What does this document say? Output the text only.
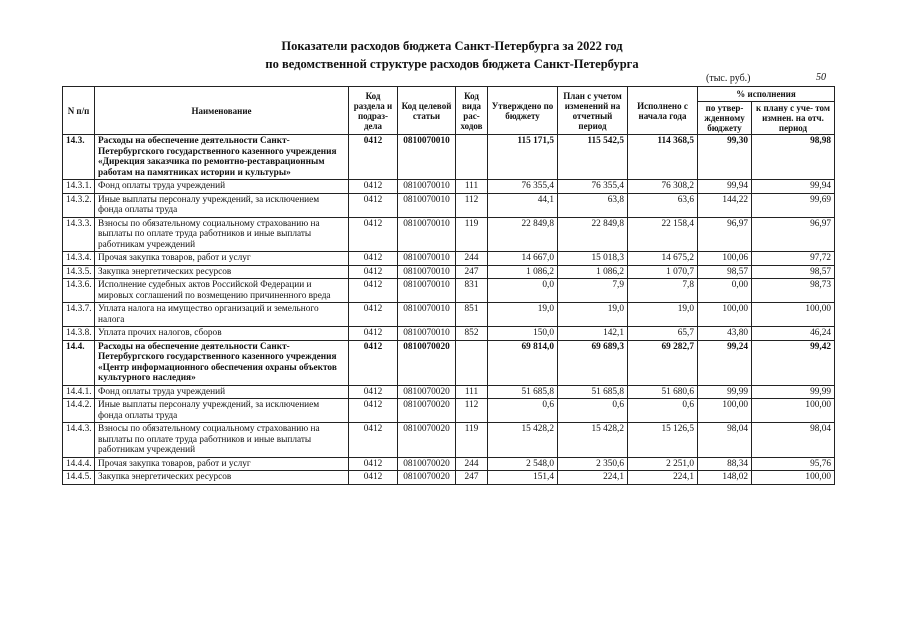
Показатели расходов бюджета Санкт-Петербурга за 2022 год
по ведомственной структуре расходов бюджета Санкт-Петербурга
(тыс. руб.)	50
N п/п	Наименование	Код раздела и подраз- дела	Код целевой статьи	Код вида рас- ходов	Утверждено по бюджету	План с учетом изменений на отчетный период	Исполнено с начала года	% исполнения	
								по утвер- жденному бюджету	к плану с уче- том измнен. на отч. период
14.3.	Расходы на обеспечение деятельности Санкт-Петербургского государственного казенного учреждения «Дирекция заказчика по ремонтно-реставрационным работам на памятниках истории и культуры»	0412	0810070010		115 171,5	115 542,5	114 368,5	99,30	98,98
14.3.1.	Фонд оплаты труда учреждений	0412	0810070010	111	76 355,4	76 355,4	76 308,2	99,94	99,94
14.3.2.	Иные выплаты персоналу учреждений, за исключением фонда оплаты труда	0412	0810070010	112	44,1	63,8	63,6	144,22	99,69
14.3.3.	Взносы по обязательному социальному страхованию на выплаты по оплате труда работников и иные выплаты работникам учреждений	0412	0810070010	119	22 849,8	22 849,8	22 158,4	96,97	96,97
14.3.4.	Прочая закупка товаров, работ и услуг	0412	0810070010	244	14 667,0	15 018,3	14 675,2	100,06	97,72
14.3.5.	Закупка энергетических ресурсов	0412	0810070010	247	1 086,2	1 086,2	1 070,7	98,57	98,57
14.3.6.	Исполнение судебных актов Российской Федерации и мировых соглашений по возмещению причиненного вреда	0412	0810070010	831	0,0	7,9	7,8	0,00	98,73
14.3.7.	Уплата налога на имущество организаций и земельного налога	0412	0810070010	851	19,0	19,0	19,0	100,00	100,00
14.3.8.	Уплата прочих налогов, сборов	0412	0810070010	852	150,0	142,1	65,7	43,80	46,24
14.4.	Расходы на обеспечение деятельности Санкт-Петербургского государственного казенного учреждения «Центр информационного обеспечения охраны объектов культурного наследия»	0412	0810070020		69 814,0	69 689,3	69 282,7	99,24	99,42
14.4.1.	Фонд оплаты труда учреждений	0412	0810070020	111	51 685,8	51 685,8	51 680,6	99,99	99,99
14.4.2.	Иные выплаты персоналу учреждений, за исключением фонда оплаты труда	0412	0810070020	112	0,6	0,6	0,6	100,00	100,00
14.4.3.	Взносы по обязательному социальному страхованию на выплаты по оплате труда работников и иные выплаты работникам учреждений	0412	0810070020	119	15 428,2	15 428,2	15 126,5	98,04	98,04
14.4.4.	Прочая закупка товаров, работ и услуг	0412	0810070020	244	2 548,0	2 350,6	2 251,0	88,34	95,76
14.4.5.	Закупка энергетических ресурсов	0412	0810070020	247	151,4	224,1	224,1	148,02	100,00
